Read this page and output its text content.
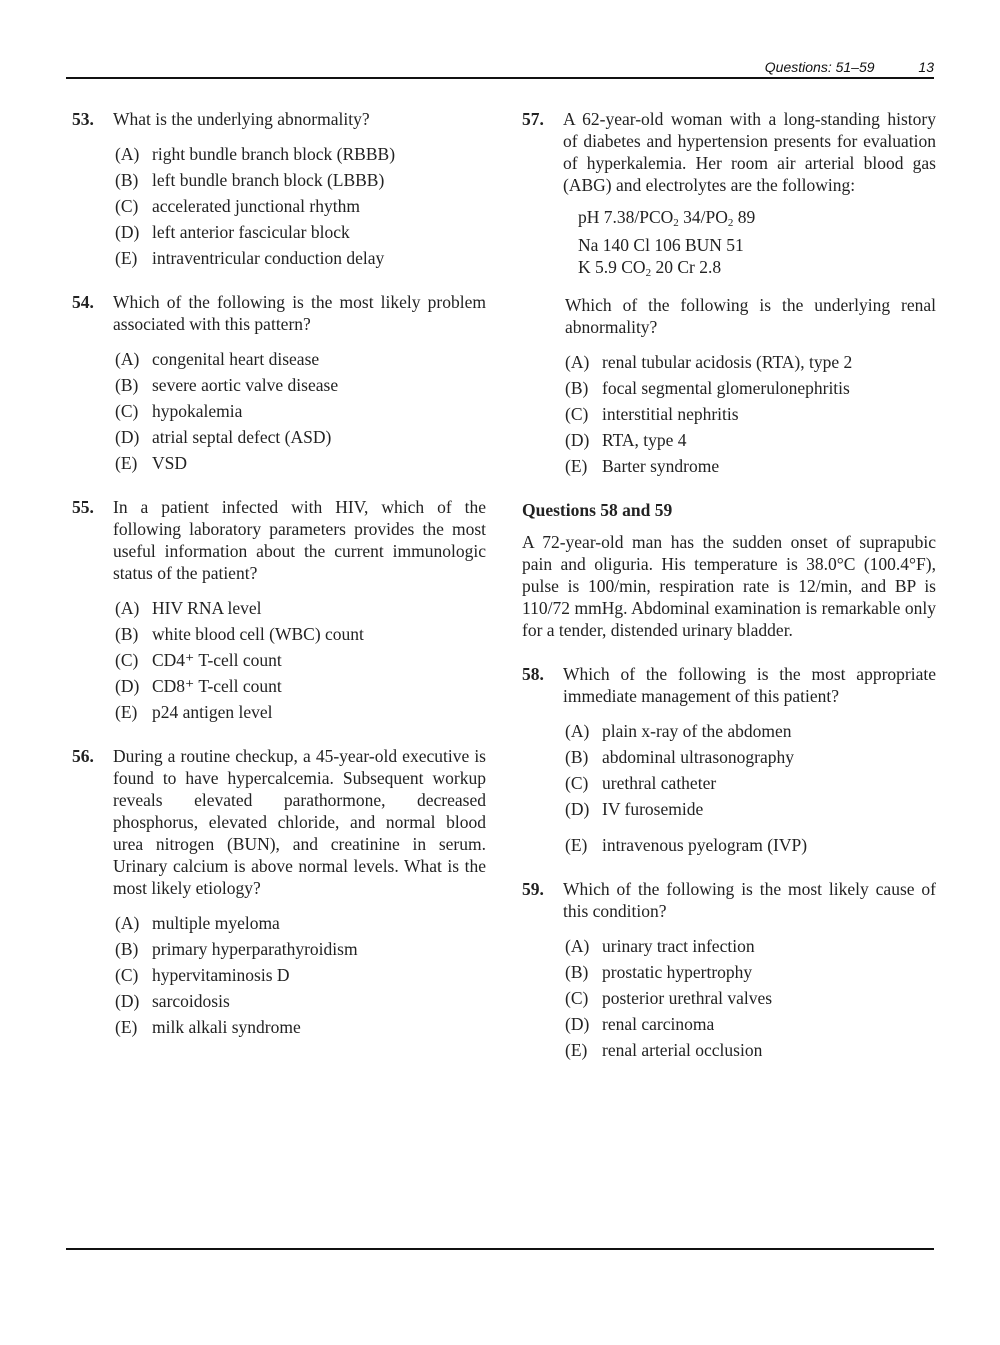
Questions: 51–59	13
53.	What is the underlying abnormality?
(A) right bundle branch block (RBBB)
(B) left bundle branch block (LBBB)
(C) accelerated junctional rhythm
(D) left anterior fascicular block
(E) intraventricular conduction delay
54.	Which of the following is the most likely problem associated with this pattern?
(A) congenital heart disease
(B) severe aortic valve disease
(C) hypokalemia
(D) atrial septal defect (ASD)
(E) VSD
55.	In a patient infected with HIV, which of the following laboratory parameters provides the most useful information about the current immunologic status of the patient?
(A) HIV RNA level
(B) white blood cell (WBC) count
(C) CD4⁺ T-cell count
(D) CD8⁺ T-cell count
(E) p24 antigen level
56.	During a routine checkup, a 45-year-old executive is found to have hypercalcemia. Subsequent workup reveals elevated parathormone, decreased phosphorus, elevated chloride, and normal blood urea nitrogen (BUN), and creatinine in serum. Urinary calcium is above normal levels. What is the most likely etiology?
(A) multiple myeloma
(B) primary hyperparathyroidism
(C) hypervitaminosis D
(D) sarcoidosis
(E) milk alkali syndrome
57.	A 62-year-old woman with a long-standing history of diabetes and hypertension presents for evaluation of hyperkalemia. Her room air arterial blood gas (ABG) and electrolytes are the following:
pH $7.38/PCO_2$ $34/PO_2$ 89
Na 140 Cl 106 BUN 51
K 5.9 $CO_2$ 20 Cr 2.8
Which of the following is the underlying renal abnormality?
(A) renal tubular acidosis (RTA), type 2
(B) focal segmental glomerulonephritis
(C) interstitial nephritis
(D) RTA, type 4
(E) Barter syndrome
Questions 58 and 59
A 72-year-old man has the sudden onset of suprapubic pain and oliguria. His temperature is 38.0°C (100.4°F), pulse is 100/min, respiration rate is 12/min, and BP is 110/72 mmHg. Abdominal examination is remarkable only for a tender, distended urinary bladder.
58.	Which of the following is the most appropriate immediate management of this patient?
(A) plain x-ray of the abdomen
(B) abdominal ultrasonography
(C) urethral catheter
(D) IV furosemide
(E) intravenous pyelogram (IVP)
59.	Which of the following is the most likely cause of this condition?
(A) urinary tract infection
(B) prostatic hypertrophy
(C) posterior urethral valves
(D) renal carcinoma
(E) renal arterial occlusion
